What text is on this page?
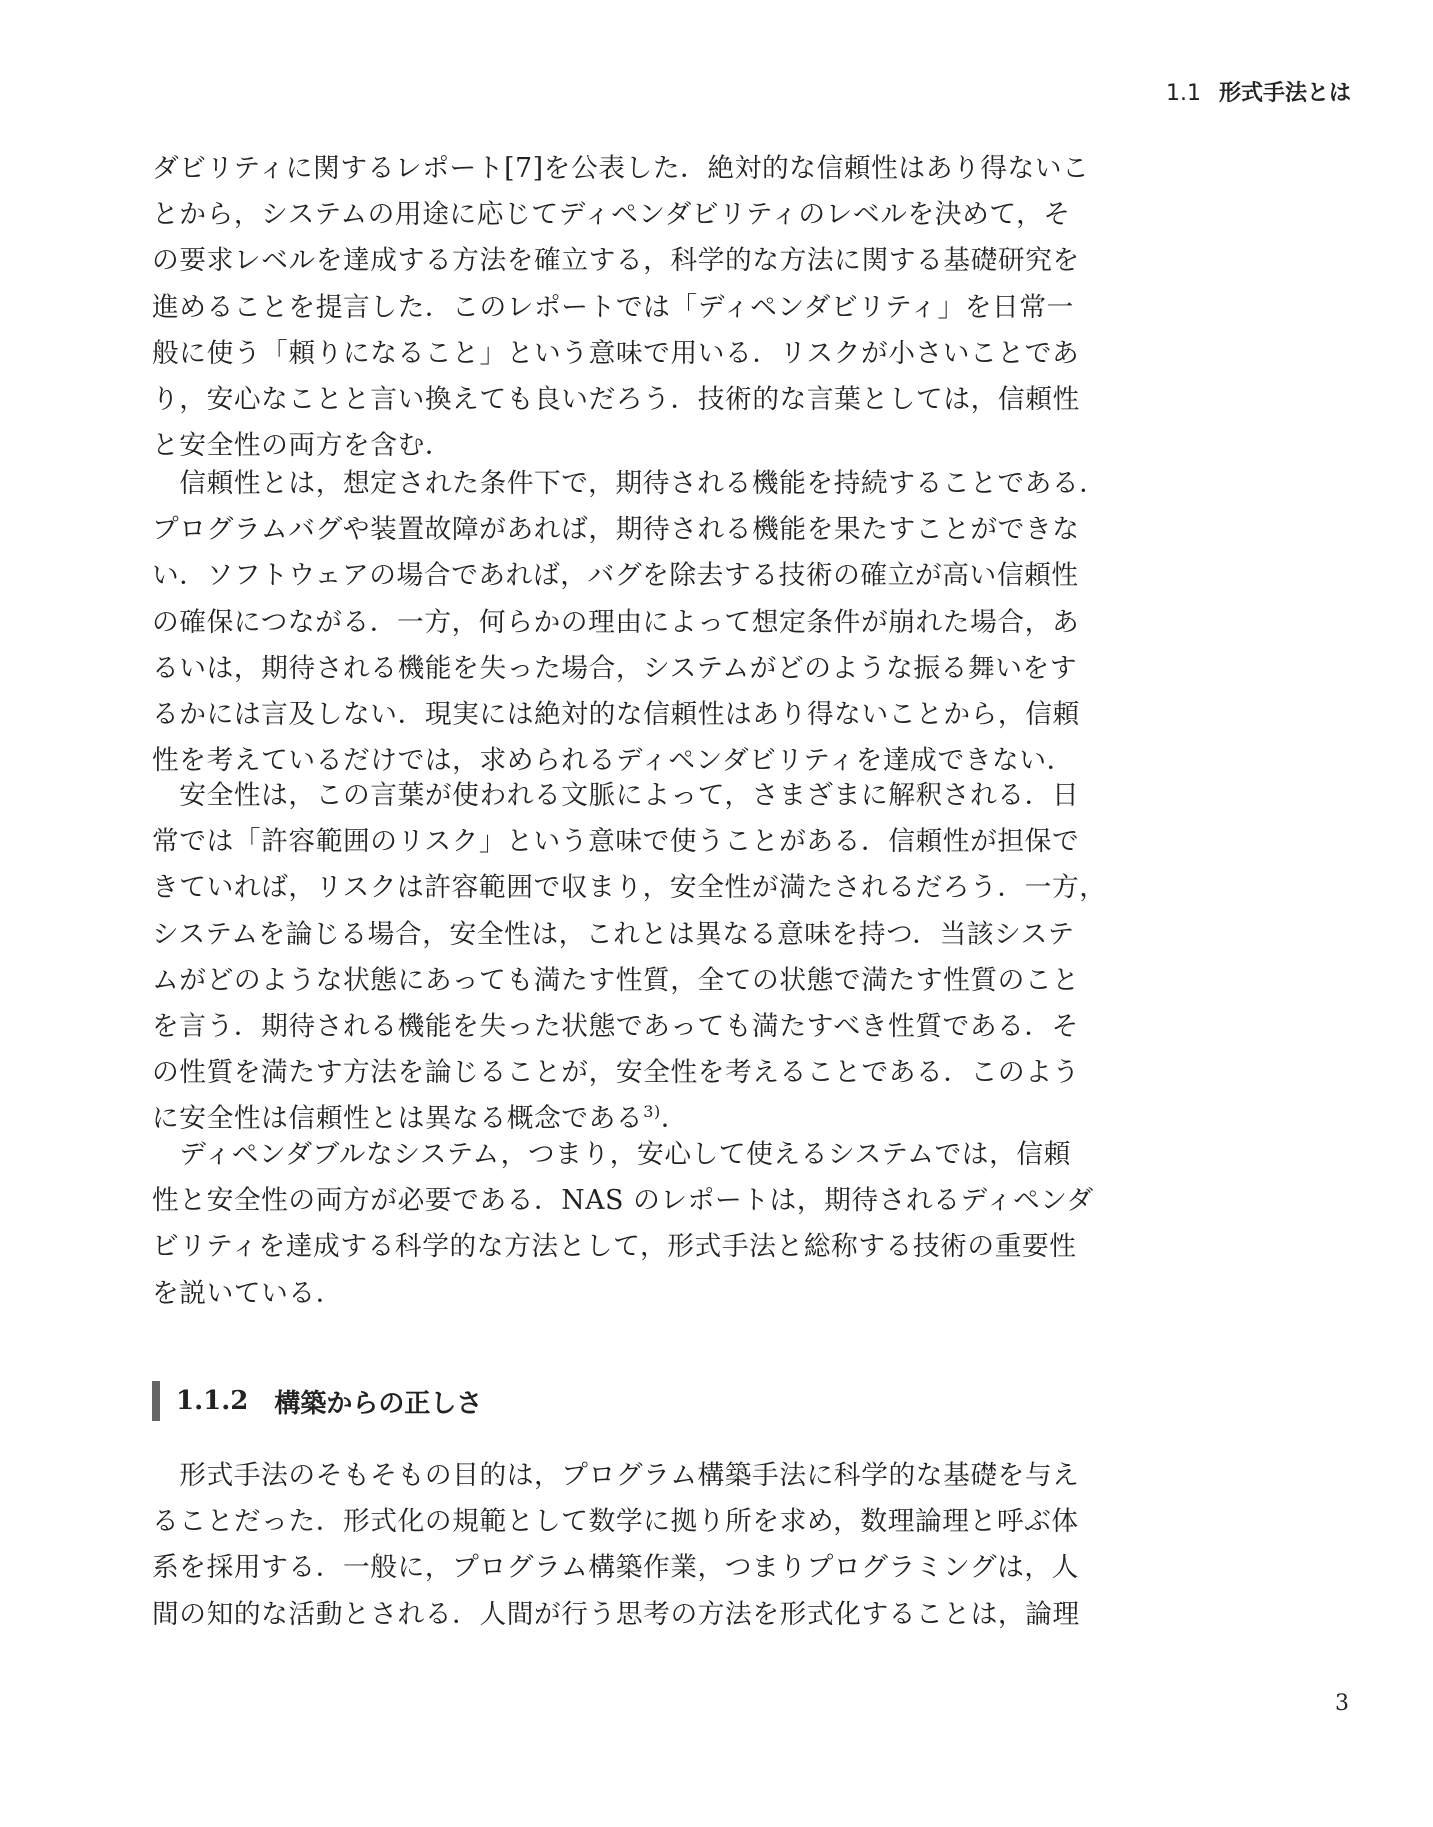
1.1 形式手法とは
ダビリティに関するレポート[7]を公表した．絶対的な信頼性はあり得ないこ
とから，システムの用途に応じてディペンダビリティのレベルを決めて，そ
の要求レベルを達成する方法を確立する，科学的な方法に関する基礎研究を
進めることを提言した．このレポートでは「ディペンダビリティ」を日常一
般に使う「頼りになること」という意味で用いる．リスクが小さいことであ
り，安心なことと言い換えても良いだろう．技術的な言葉としては，信頼性
と安全性の両方を含む．
　信頼性とは，想定された条件下で，期待される機能を持続することである．
プログラムバグや装置故障があれば，期待される機能を果たすことができな
い．ソフトウェアの場合であれば，バグを除去する技術の確立が高い信頼性
の確保につながる．一方，何らかの理由によって想定条件が崩れた場合，あ
るいは，期待される機能を失った場合，システムがどのような振る舞いをす
るかには言及しない．現実には絶対的な信頼性はあり得ないことから，信頼
性を考えているだけでは，求められるディペンダビリティを達成できない．
　安全性は，この言葉が使われる文脈によって，さまざまに解釈される．日
常では「許容範囲のリスク」という意味で使うことがある．信頼性が担保で
きていれば，リスクは許容範囲で収まり，安全性が満たされるだろう．一方，
システムを論じる場合，安全性は，これとは異なる意味を持つ．当該システ
ムがどのような状態にあっても満たす性質，全ての状態で満たす性質のこと
を言う．期待される機能を失った状態であっても満たすべき性質である．そ
の性質を満たす方法を論じることが，安全性を考えることである．このよう
に安全性は信頼性とは異なる概念である$^{3)}$．
　ディペンダブルなシステム，つまり，安心して使えるシステムでは，信頼
性と安全性の両方が必要である．NAS のレポートは，期待されるディペンダ
ビリティを達成する科学的な方法として，形式手法と総称する技術の重要性
を説いている．
1.1.2 構築からの正しさ
　形式手法のそもそもの目的は，プログラム構築手法に科学的な基礎を与え
ることだった．形式化の規範として数学に拠り所を求め，数理論理と呼ぶ体
系を採用する．一般に，プログラム構築作業，つまりプログラミングは，人
間の知的な活動とされる．人間が行う思考の方法を形式化することは，論理
3
